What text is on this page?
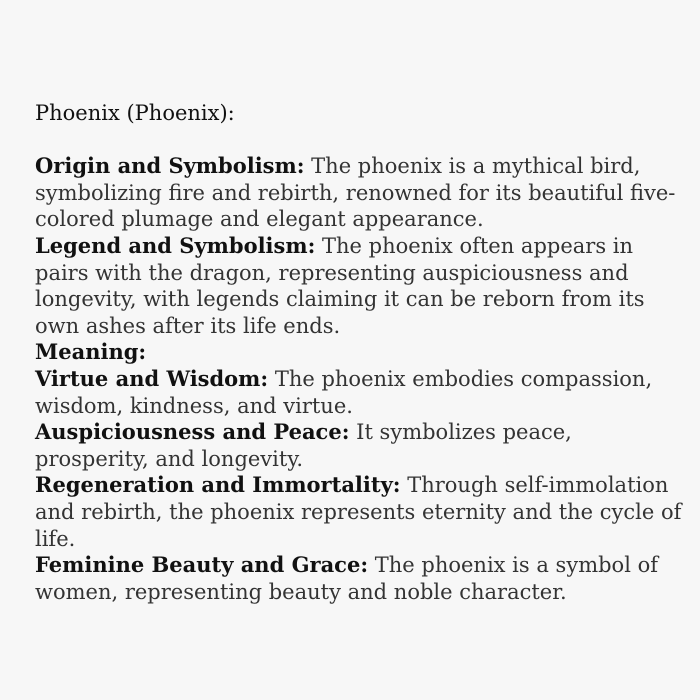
Phoenix (Phoenix):

Origin and Symbolism: The phoenix is a mythical bird, symbolizing fire and rebirth, renowned for its beautiful five-colored plumage and elegant appearance.

Legend and Symbolism: The phoenix often appears in pairs with the dragon, representing auspiciousness and longevity, with legends claiming it can be reborn from its own ashes after its life ends.

Meaning:

Virtue and Wisdom: The phoenix embodies compassion, wisdom, kindness, and virtue.

Auspiciousness and Peace: It symbolizes peace, prosperity, and longevity.

Regeneration and Immortality: Through self-immolation and rebirth, the phoenix represents eternity and the cycle of life.

Feminine Beauty and Grace: The phoenix is a symbol of women, representing beauty and noble character.
